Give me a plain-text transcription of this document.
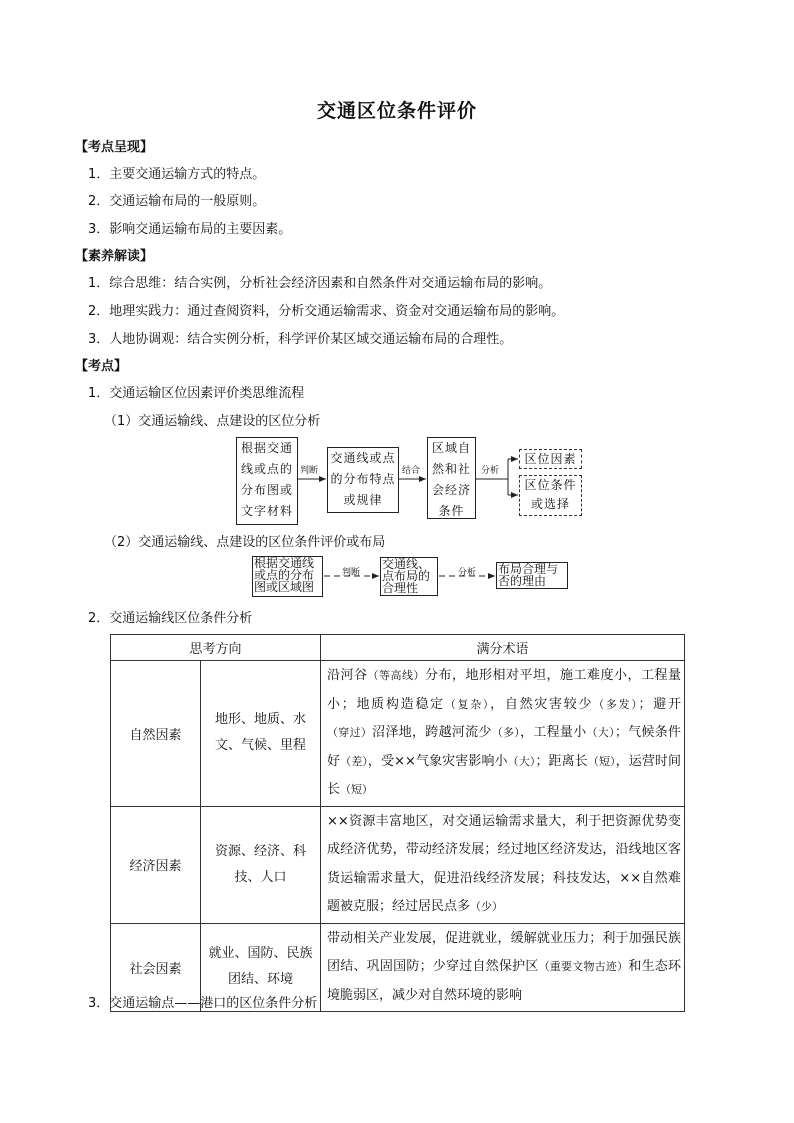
交通区位条件评价
【考点呈现】
1．主要交通运输方式的特点。
2．交通运输布局的一般原则。
3．影响交通运输布局的主要因素。
【素养解读】
1．综合思维：结合实例，分析社会经济因素和自然条件对交通运输布局的影响。
2．地理实践力：通过查阅资料，分析交通运输需求、资金对交通运输布局的影响。
3．人地协调观：结合实例分析，科学评价某区域交通运输布局的合理性。
【考点】
1．交通运输区位因素评价类思维流程
（1）交通运输线、点建设的区位分析
根据交通线或点的分布图或文字材料
交通线或点的分布特点或规律
区域自然和社会经济条件
区位因素
区位条件或选择
判断	结合	分析
（2）交通运输线、点建设的区位条件评价或布局
根据交通线或点的分布图或区域图
交通线、点布局的合理性
布局合理与否的理由
判断	分析
2．交通运输线区位条件分析
思考方向		满分术语
自然因素	地形、地质、水文、气候、里程	沿河谷（等高线）分布，地形相对平坦，施工难度小，工程量小；地质构造稳定（复杂），自然灾害较少（多发）；避开（穿过）沼泽地，跨越河流少（多），工程量小（大）；气候条件好（差），受××气象灾害影响小（大）；距离长（短），运营时间长（短）
经济因素	资源、经济、科技、人口	××资源丰富地区，对交通运输需求量大，利于把资源优势变成经济优势，带动经济发展；经过地区经济发达，沿线地区客货运输需求量大，促进沿线经济发展；科技发达，××自然难题被克服；经过居民点多（少）
社会因素	就业、国防、民族团结、环境	带动相关产业发展，促进就业，缓解就业压力；利于加强民族团结、巩固国防；少穿过自然保护区（重要文物古迹）和生态环境脆弱区，减少对自然环境的影响
3．交通运输点——港口的区位条件分析
